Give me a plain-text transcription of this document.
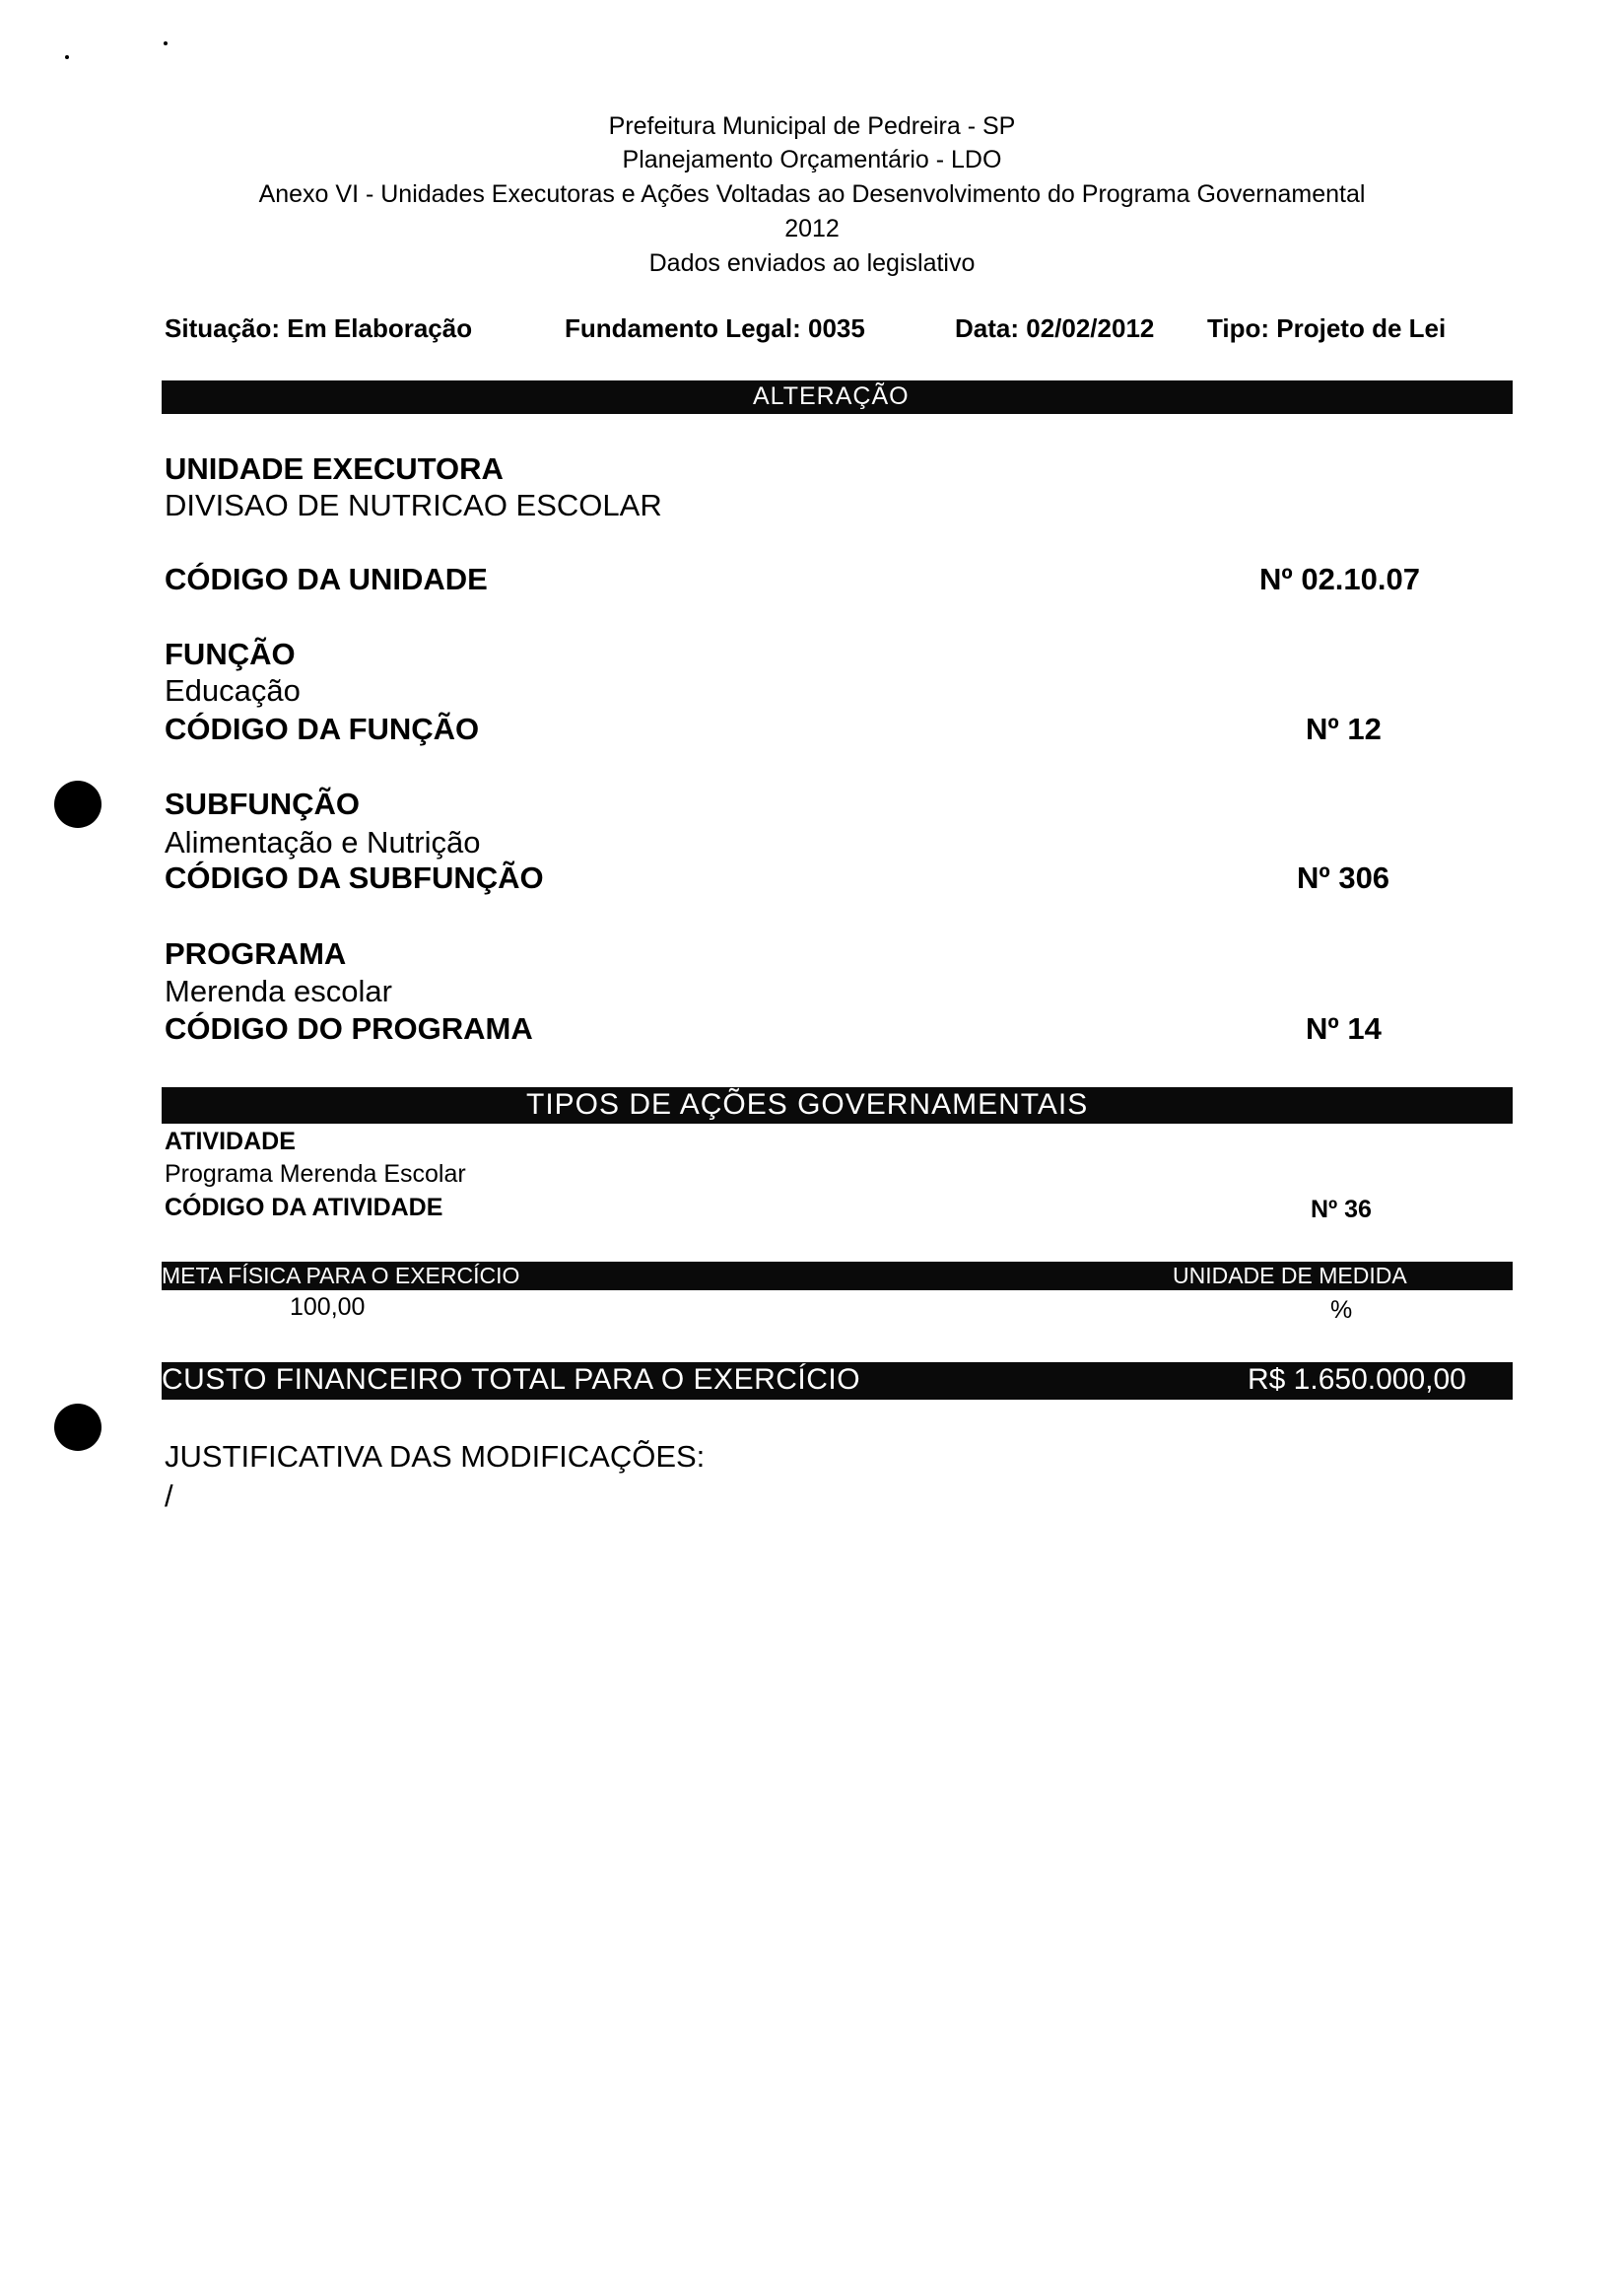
Prefeitura Municipal de Pedreira - SP
Planejamento Orçamentário - LDO
Anexo VI - Unidades Executoras e Ações Voltadas ao Desenvolvimento do Programa Governamental
2012
Dados enviados ao legislativo
Situação: Em Elaboração	Fundamento Legal: 0035	Data: 02/02/2012 Tipo: Projeto de Lei
ALTERAÇÃO
UNIDADE EXECUTORA
DIVISAO DE NUTRICAO ESCOLAR
CÓDIGO DA UNIDADE	Nº 02.10.07
FUNÇÃO
Educação
CÓDIGO DA FUNÇÃO	Nº 12
SUBFUNÇÃO
Alimentação e Nutrição
CÓDIGO DA SUBFUNÇÃO	Nº 306
PROGRAMA
Merenda escolar
CÓDIGO DO PROGRAMA	Nº 14
TIPOS DE AÇÕES GOVERNAMENTAIS
ATIVIDADE
Programa Merenda Escolar
CÓDIGO DA ATIVIDADE	Nº 36
META FÍSICA PARA O EXERCÍCIO	UNIDADE DE MEDIDA
100,00	%
CUSTO FINANCEIRO TOTAL PARA O EXERCÍCIO	R$ 1.650.000,00
JUSTIFICATIVA DAS MODIFICAÇÕES:
/
